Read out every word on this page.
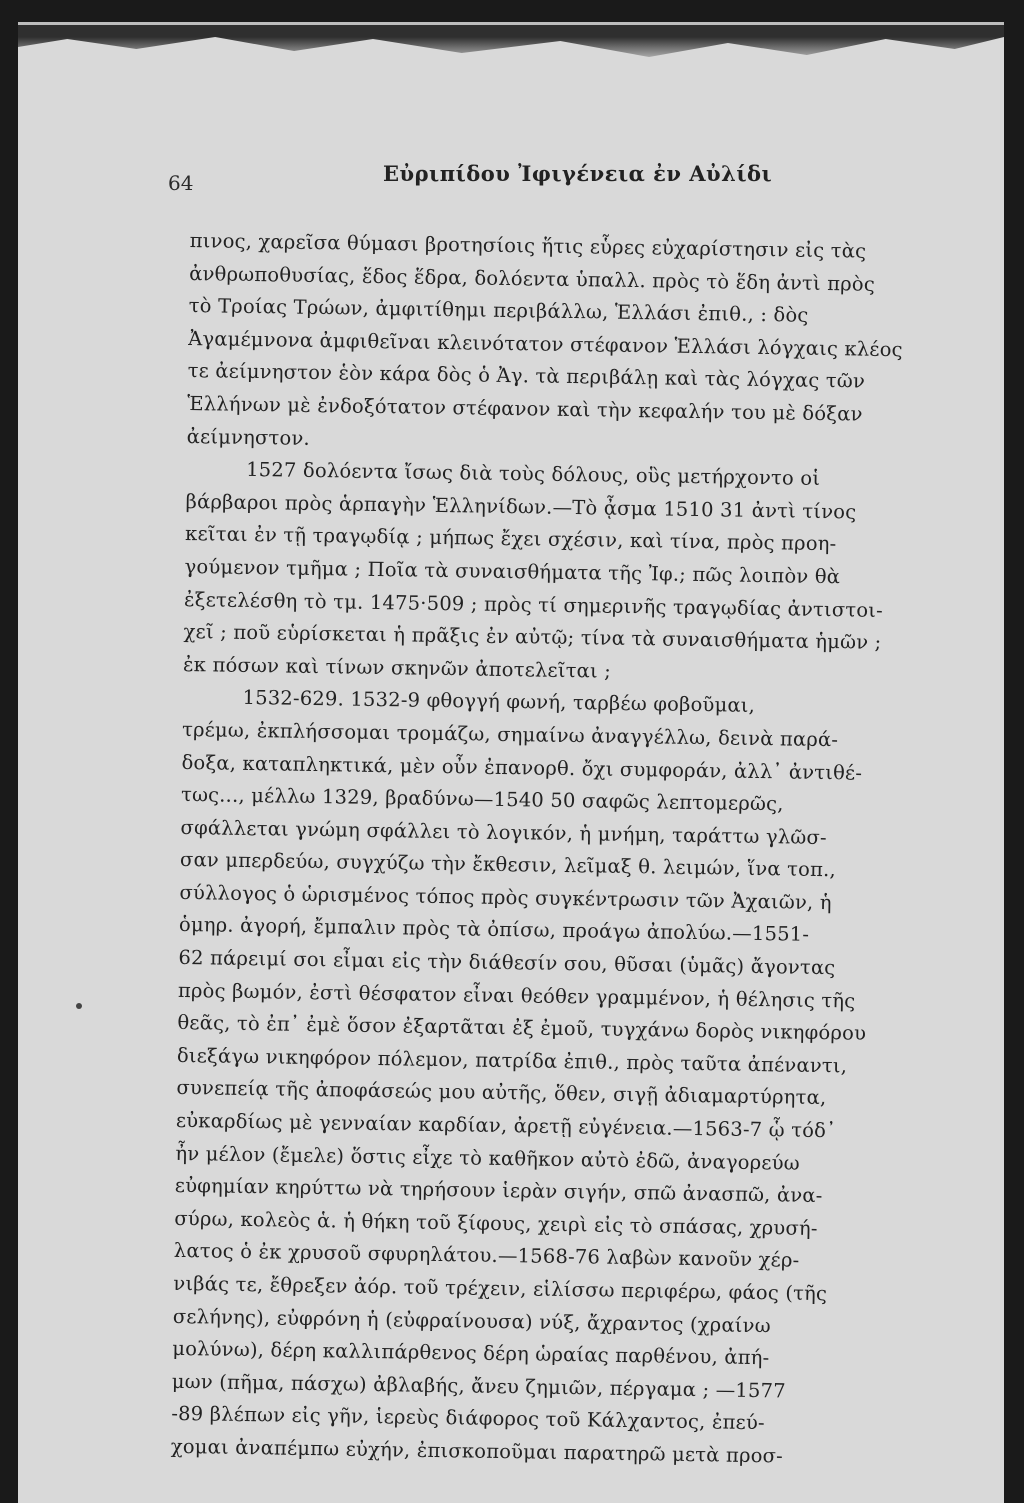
64	Εὐριπίδου Ἰφιγένεια ἐν Αὐλίδι
πινος, χαρεῖσα θύμασι βροτησίοις ἥτις εὗρες εὐχαρίστησιν εἰς τὰς
ἀνθρωποθυσίας, ἕδος ἕδρα, δολόεντα ὑπαλλ. πρὸς τὸ ἕδη ἀντὶ πρὸς
τὸ Τροίας Τρώων, ἀμφιτίθημι περιβάλλω, Ἑλλάσι ἐπιθ., : δὸς
Ἀγαμέμνονα ἀμφιθεῖναι κλεινότατον στέφανον Ἑλλάσι λόγχαις κλέος
τε ἀείμνηστον ἑὸν κάρα δὸς ὁ Ἀγ. τὰ περιβάλῃ καὶ τὰς λόγχας τῶν
Ἑλλήνων μὲ ἐνδοξότατον στέφανον καὶ τὴν κεφαλήν του μὲ δόξαν
ἀείμνηστον.
1527 δολόεντα ἴσως διὰ τοὺς δόλους, οὓς μετήρχοντο οἱ
βάρβαροι πρὸς ἁρπαγὴν Ἑλληνίδων.—Τὸ ᾆσμα 1510 31 ἀντὶ τίνος
κεῖται ἐν τῇ τραγῳδίᾳ ; μήπως ἔχει σχέσιν, καὶ τίνα, πρὸς προη-
γούμενον τμῆμα ; Ποῖα τὰ συναισθήματα τῆς Ἰφ.; πῶς λοιπὸν θὰ
ἐξετελέσθη τὸ τμ. 1475·509 ; πρὸς τί σημερινῆς τραγῳδίας ἀντιστοι-
χεῖ ; ποῦ εὑρίσκεται ἡ πρᾶξις ἐν αὐτῷ; τίνα τὰ συναισθήματα ἡμῶν ;
ἐκ πόσων καὶ τίνων σκηνῶν ἀποτελεῖται ;
1532-629. 1532-9 φθογγή φωνή, ταρβέω φοβοῦμαι,
τρέμω, ἐκπλήσσομαι τρομάζω, σημαίνω ἀναγγέλλω, δεινὰ παρά-
δοξα, καταπληκτικά, μὲν οὖν ἐπανορθ. ὄχι συμφοράν, ἀλλ᾽ ἀντιθέ-
τως..., μέλλω 1329, βραδύνω—1540 50 σαφῶς λεπτομερῶς,
σφάλλεται γνώμη σφάλλει τὸ λογικόν, ἡ μνήμη, ταράττω γλῶσ-
σαν μπερδεύω, συγχύζω τὴν ἔκθεσιν, λεῖμαξ θ. λειμών, ἵνα τοπ.,
σύλλογος ὁ ὡρισμένος τόπος πρὸς συγκέντρωσιν τῶν Ἀχαιῶν, ἡ
ὁμηρ. ἀγορή, ἔμπαλιν πρὸς τὰ ὀπίσω, προάγω ἀπολύω.—1551-
62 πάρειμί σοι εἶμαι εἰς τὴν διάθεσίν σου, θῦσαι (ὑμᾶς) ἄγοντας
πρὸς βωμόν, ἐστὶ θέσφατον εἶναι θεόθεν γραμμένον, ἡ θέλησις τῆς
θεᾶς, τὸ ἐπ᾽ ἐμὲ ὅσον ἐξαρτᾶται ἐξ ἐμοῦ, τυγχάνω δορὸς νικηφόρου
διεξάγω νικηφόρον πόλεμον, πατρίδα ἐπιθ., πρὸς ταῦτα ἀπέναντι,
συνεπείᾳ τῆς ἀποφάσεώς μου αὐτῆς, ὅθεν, σιγῇ ἀδιαμαρτύρητα,
εὐκαρδίως μὲ γενναίαν καρδίαν, ἀρετῇ εὐγένεια.—1563-7 ᾧ τόδ᾽
ἦν μέλον (ἔμελε) ὅστις εἶχε τὸ καθῆκον αὐτὸ ἐδῶ, ἀναγορεύω
εὐφημίαν κηρύττω νὰ τηρήσουν ἱερὰν σιγήν, σπῶ ἀνασπῶ, ἀνα-
σύρω, κολεὸς ἁ. ἡ θήκη τοῦ ξίφους, χειρὶ εἰς τὸ σπάσας, χρυσή-
λατος ὁ ἐκ χρυσοῦ σφυρηλάτου.—1568-76 λαβὼν κανοῦν χέρ-
νιβάς τε, ἔθρεξεν ἀόρ. τοῦ τρέχειν, εἱλίσσω περιφέρω, φάος (τῆς
σελήνης), εὐφρόνη ἡ (εὐφραίνουσα) νύξ, ἄχραντος (χραίνω
μολύνω), δέρη καλλιπάρθενος δέρη ὡραίας παρθένου, ἀπή-
μων (πῆμα, πάσχω) ἀβλαβής, ἄνευ ζημιῶν, πέργαμα ; —1577
-89 βλέπων εἰς γῆν, ἱερεὺς διάφορος τοῦ Κάλχαντος, ἐπεύ-
χομαι ἀναπέμπω εὐχήν, ἐπισκοποῦμαι παρατηρῶ μετὰ προσ-
